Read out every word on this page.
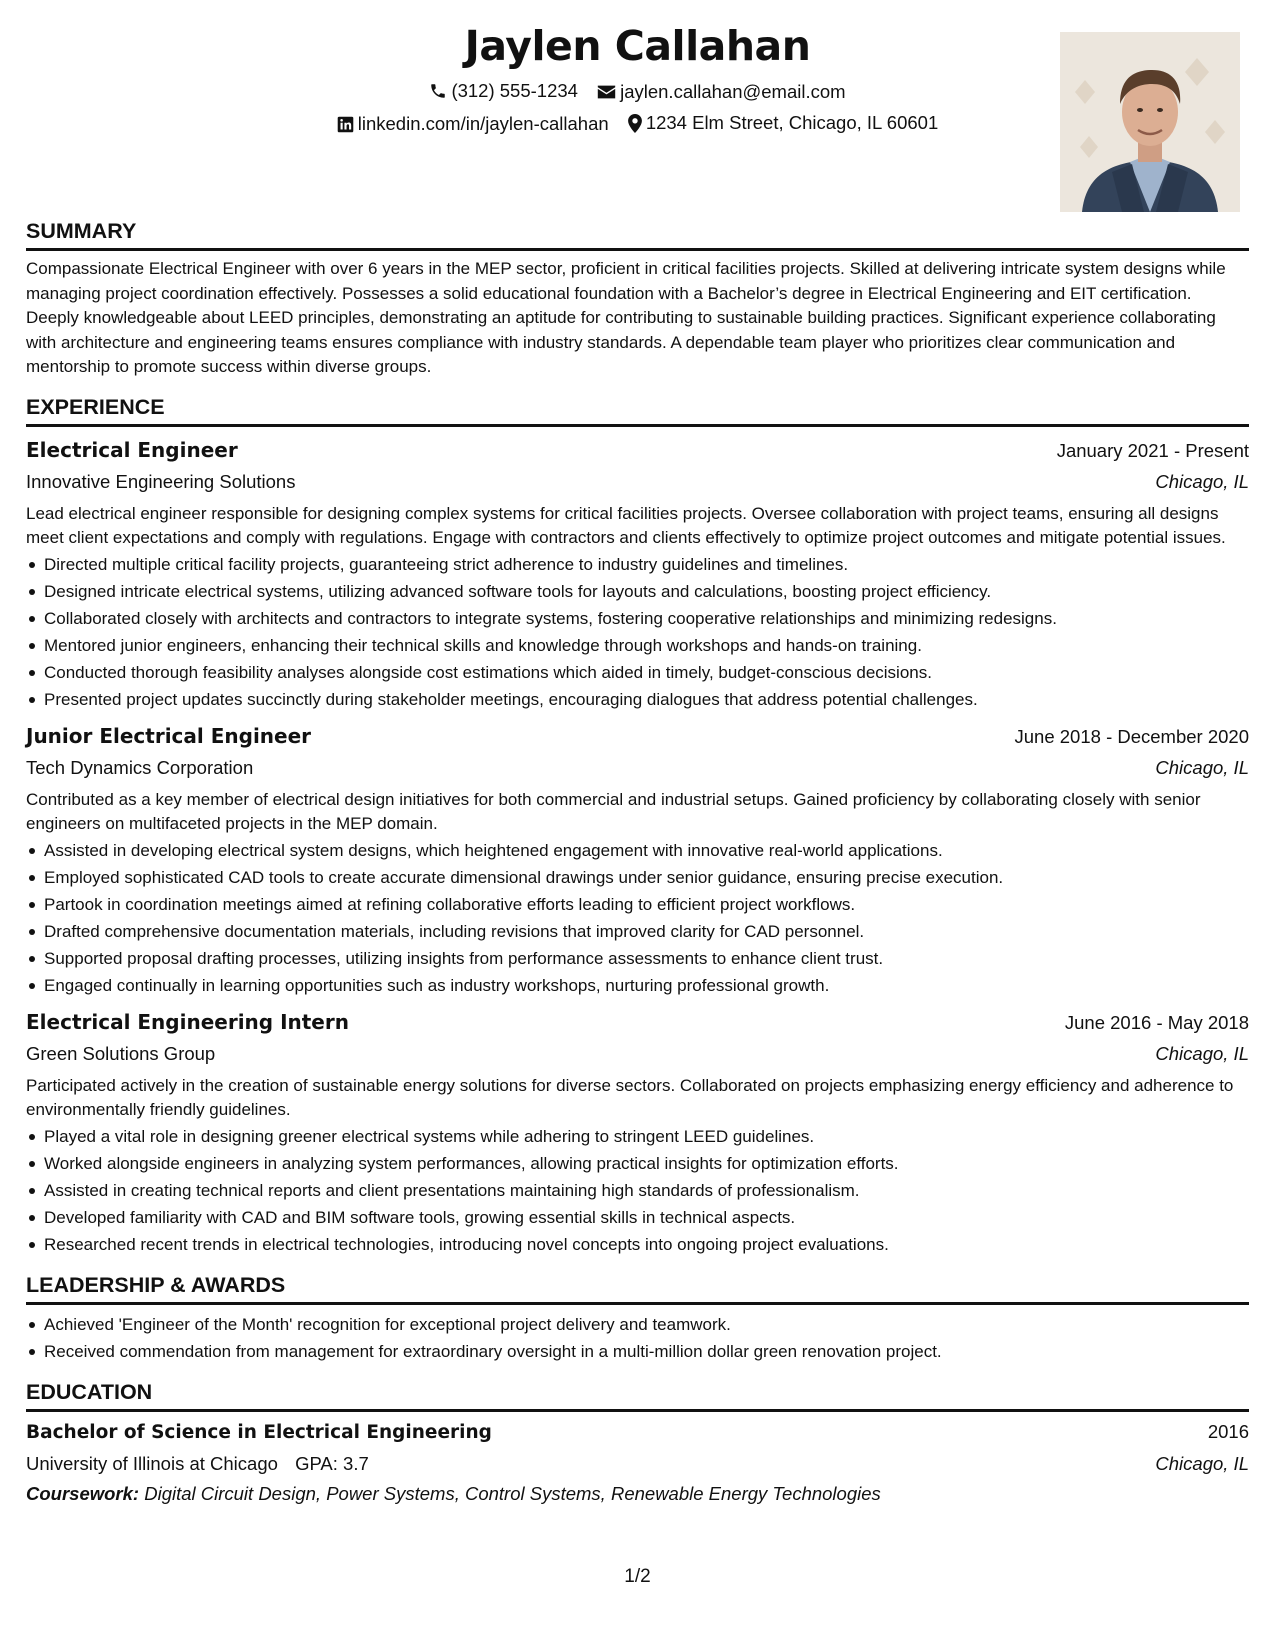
Jaylen Callahan
(312) 555-1234
jaylen.callahan@email.com
linkedin.com/in/jaylen-callahan
1234 Elm Street, Chicago, IL 60601
SUMMARY

Compassionate Electrical Engineer with over 6 years in the MEP sector, proficient in critical facilities projects. Skilled at delivering intricate system designs while managing project coordination effectively. Possesses a solid educational foundation with a Bachelor’s degree in Electrical Engineering and EIT certification. Deeply knowledgeable about LEED principles, demonstrating an aptitude for contributing to sustainable building practices. Significant experience collaborating with architecture and engineering teams ensures compliance with industry standards. A dependable team player who prioritizes clear communication and mentorship to promote success within diverse groups.

EXPERIENCE
Electrical Engineer	January 2021 - Present
Innovative Engineering Solutions	Chicago, IL
Lead electrical engineer responsible for designing complex systems for critical facilities projects. Oversee collaboration with project teams, ensuring all designs meet client expectations and comply with regulations. Engage with contractors and clients effectively to optimize project outcomes and mitigate potential issues.
Directed multiple critical facility projects, guaranteeing strict adherence to industry guidelines and timelines.
Designed intricate electrical systems, utilizing advanced software tools for layouts and calculations, boosting project efficiency.
Collaborated closely with architects and contractors to integrate systems, fostering cooperative relationships and minimizing redesigns.
Mentored junior engineers, enhancing their technical skills and knowledge through workshops and hands-on training.
Conducted thorough feasibility analyses alongside cost estimations which aided in timely, budget-conscious decisions.
Presented project updates succinctly during stakeholder meetings, encouraging dialogues that address potential challenges.
Junior Electrical Engineer	June 2018 - December 2020
Tech Dynamics Corporation	Chicago, IL
Contributed as a key member of electrical design initiatives for both commercial and industrial setups. Gained proficiency by collaborating closely with senior engineers on multifaceted projects in the MEP domain.
Assisted in developing electrical system designs, which heightened engagement with innovative real-world applications.
Employed sophisticated CAD tools to create accurate dimensional drawings under senior guidance, ensuring precise execution.
Partook in coordination meetings aimed at refining collaborative efforts leading to efficient project workflows.
Drafted comprehensive documentation materials, including revisions that improved clarity for CAD personnel.
Supported proposal drafting processes, utilizing insights from performance assessments to enhance client trust.
Engaged continually in learning opportunities such as industry workshops, nurturing professional growth.
Electrical Engineering Intern	June 2016 - May 2018
Green Solutions Group	Chicago, IL
Participated actively in the creation of sustainable energy solutions for diverse sectors. Collaborated on projects emphasizing energy efficiency and adherence to environmentally friendly guidelines.
Played a vital role in designing greener electrical systems while adhering to stringent LEED guidelines.
Worked alongside engineers in analyzing system performances, allowing practical insights for optimization efforts.
Assisted in creating technical reports and client presentations maintaining high standards of professionalism.
Developed familiarity with CAD and BIM software tools, growing essential skills in technical aspects.
Researched recent trends in electrical technologies, introducing novel concepts into ongoing project evaluations.
LEADERSHIP & AWARDS
Achieved 'Engineer of the Month' recognition for exceptional project delivery and teamwork.
Received commendation from management for extraordinary oversight in a multi-million dollar green renovation project.
EDUCATION
Bachelor of Science in Electrical Engineering	2016
University of Illinois at Chicago GPA: 3.7	Chicago, IL
Coursework: Digital Circuit Design, Power Systems, Control Systems, Renewable Energy Technologies
1/2
